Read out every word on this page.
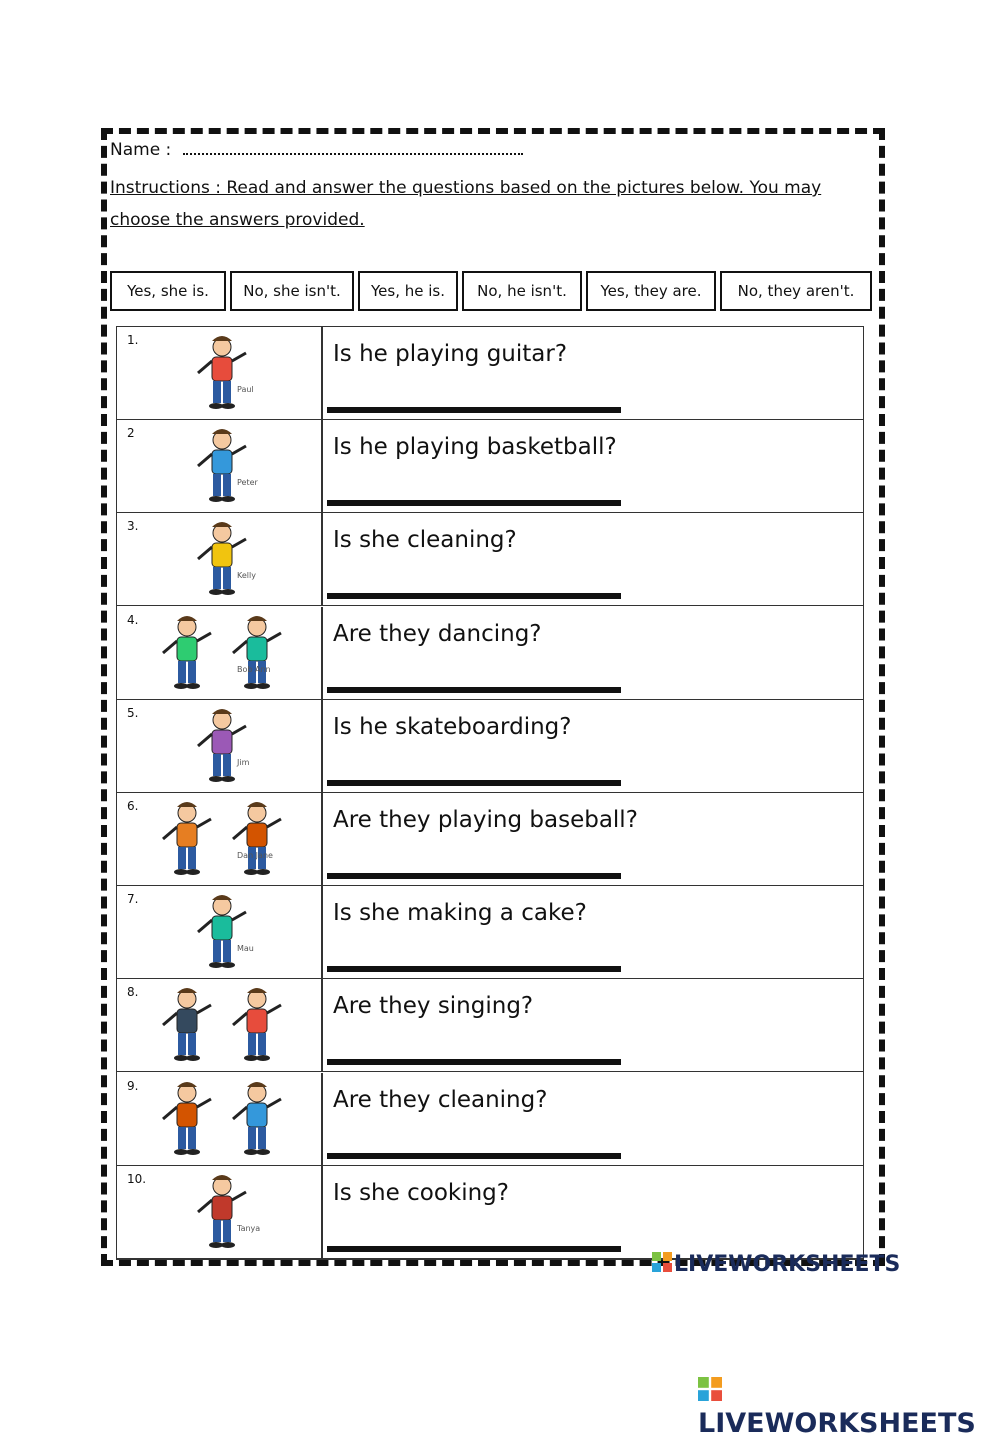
Name :
Instructions : Read and answer the questions based on the pictures below. You may choose the answers provided.
Yes, she is.	No, she isn't.	Yes, he is.	No, he isn't.	Yes, they are.	No, they aren't.
1.
Paul
Is he playing guitar?
2
Peter
Is he playing basketball?
3.
Kelly
Is she cleaning?
4.
Bob Ann
Are they dancing?
5.
Jim
Is he skateboarding?
6.
Dan Jane
Are they playing baseball?
7.
Mau
Is she making a cake?
8.
Are they singing?
9.
Are they cleaning?
10.
Tanya
Is she cooking?
LIVEWORKSHEETS
LIVEWORKSHEETS
